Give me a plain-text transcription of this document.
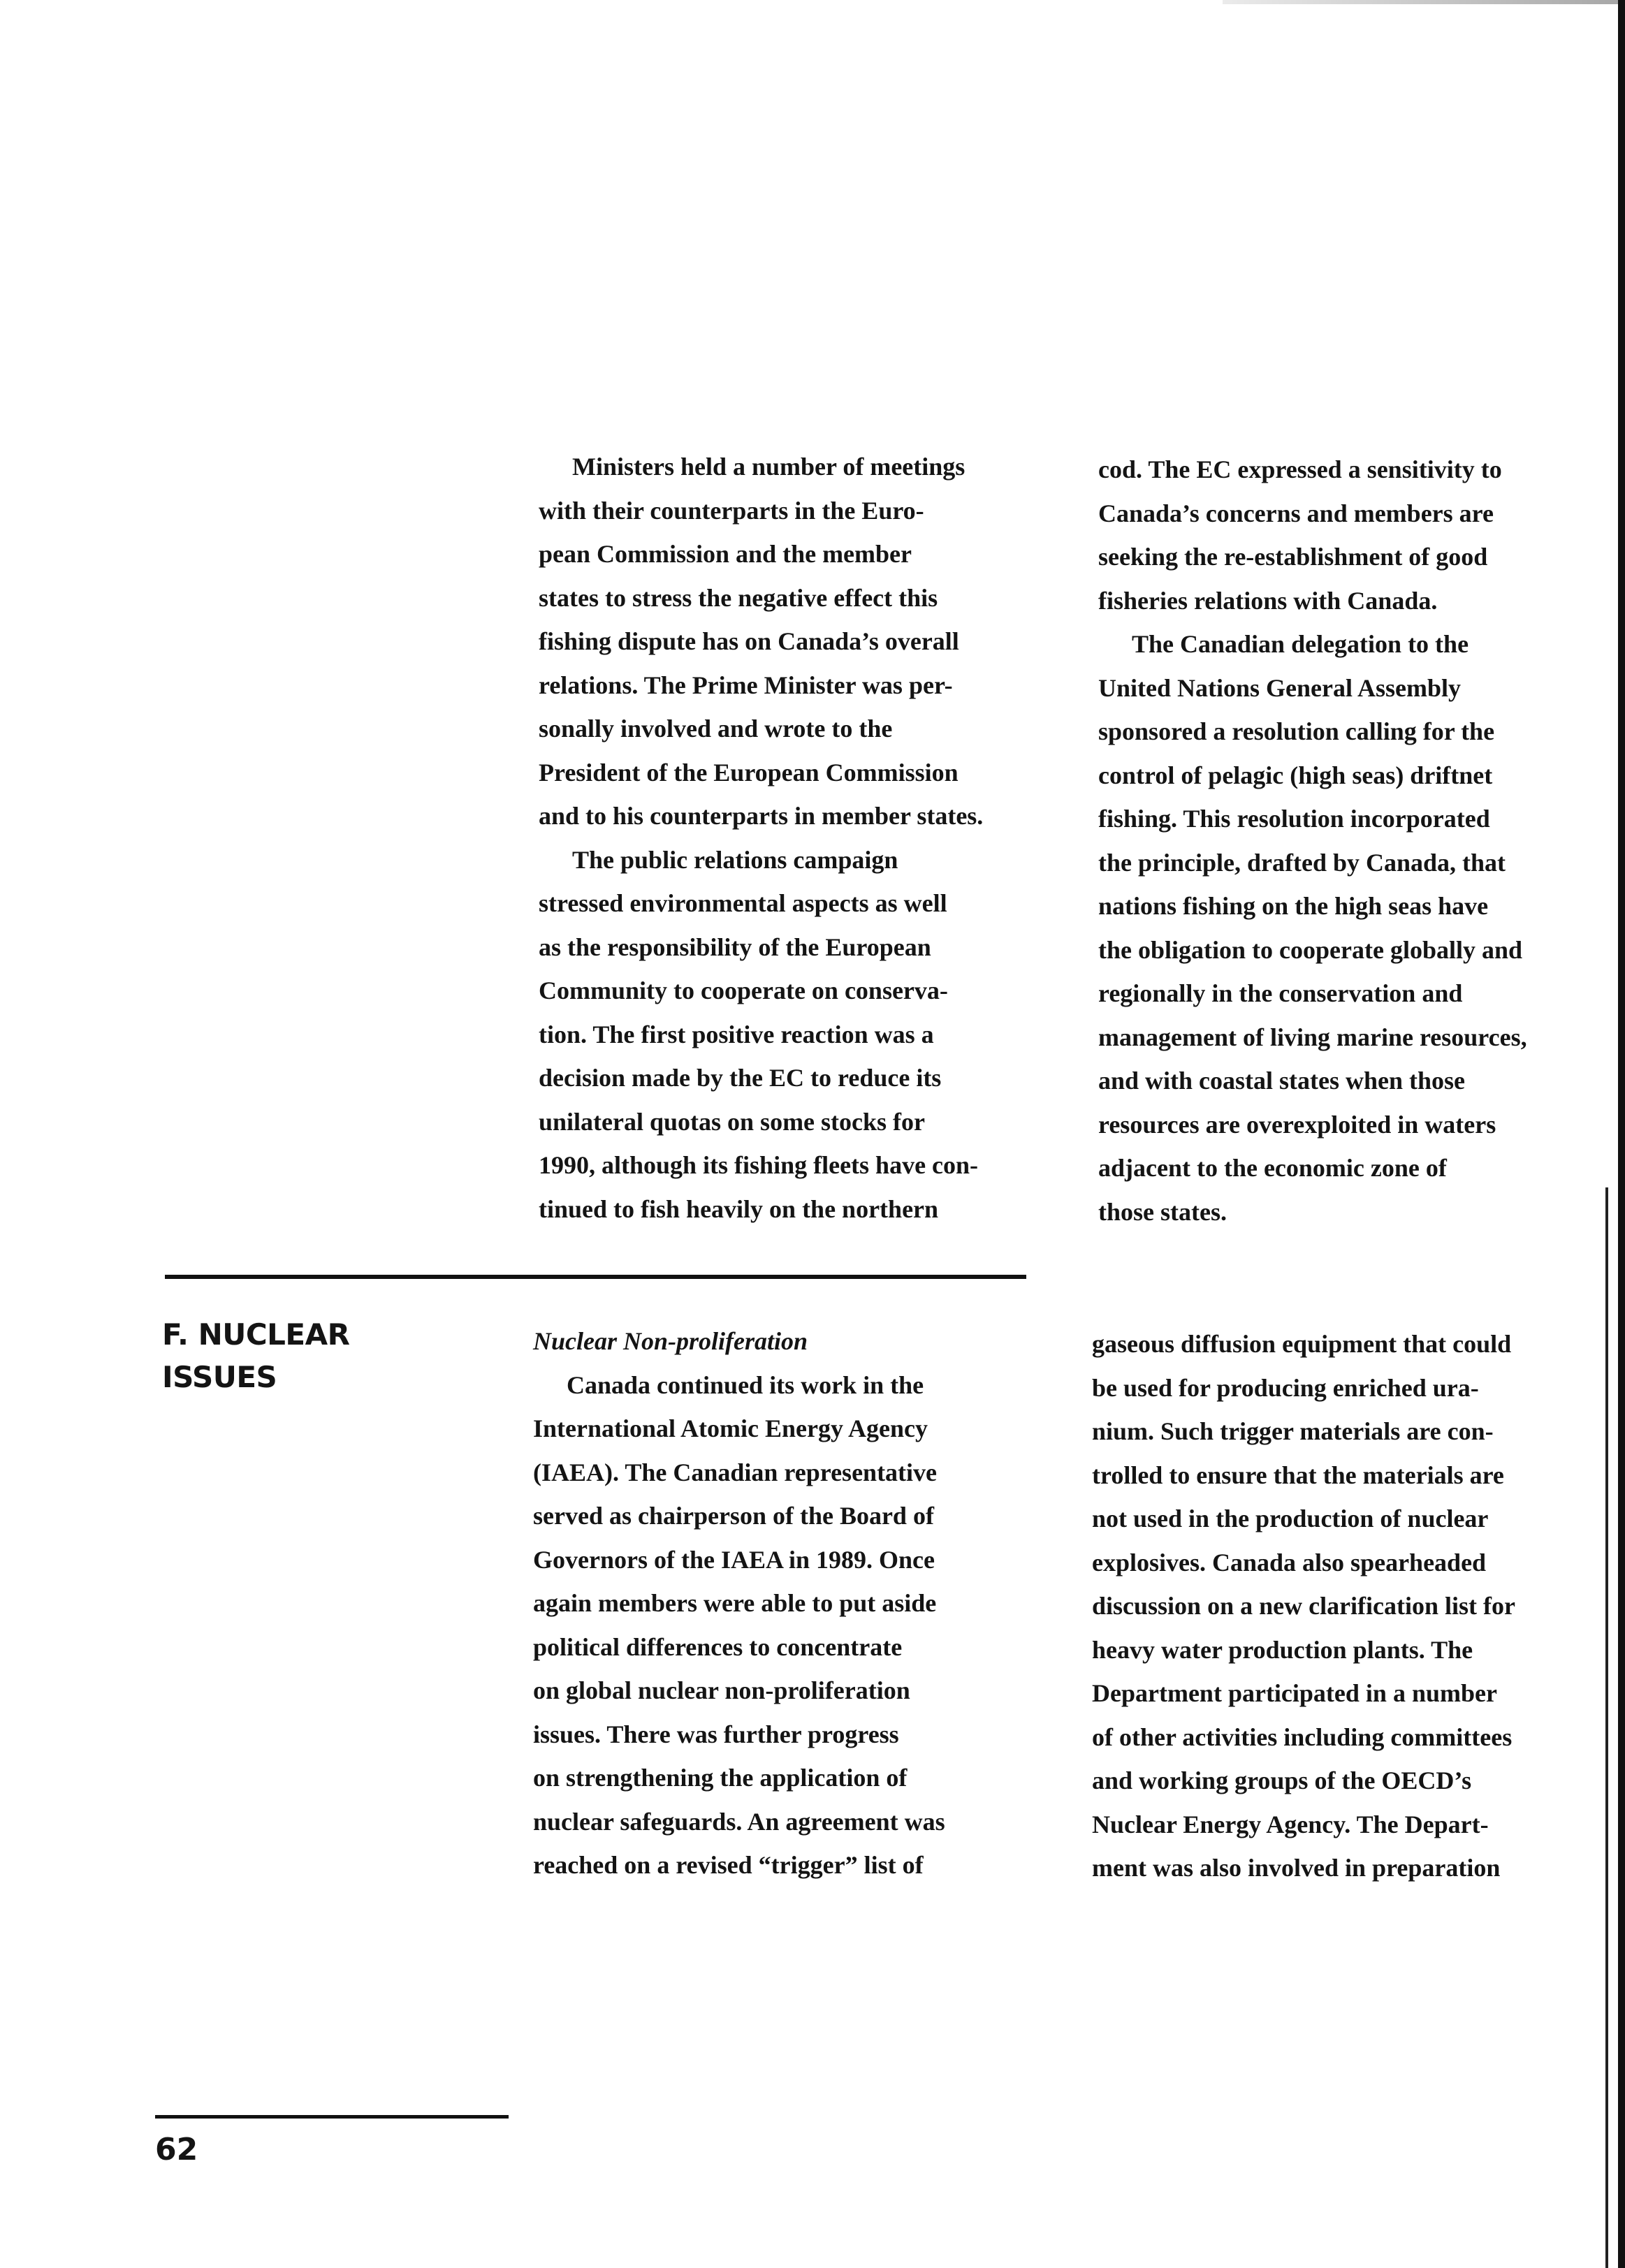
Ministers held a number of meetings
with their counterparts in the Euro-
pean Commission and the member
states to stress the negative effect this
fishing dispute has on Canada’s overall
relations. The Prime Minister was per-
sonally involved and wrote to the
President of the European Commission
and to his counterparts in member states.

The public relations campaign
stressed environmental aspects as well
as the responsibility of the European
Community to cooperate on conserva-
tion. The first positive reaction was a
decision made by the EC to reduce its
unilateral quotas on some stocks for
1990, although its fishing fleets have con-
tinued to fish heavily on the northern

cod. The EC expressed a sensitivity to
Canada’s concerns and members are
seeking the re-establishment of good
fisheries relations with Canada.

The Canadian delegation to the
United Nations General Assembly
sponsored a resolution calling for the
control of pelagic (high seas) driftnet
fishing. This resolution incorporated
the principle, drafted by Canada, that
nations fishing on the high seas have
the obligation to cooperate globally and
regionally in the conservation and
management of living marine resources,
and with coastal states when those
resources are overexploited in waters
adjacent to the economic zone of
those states.

F. NUCLEAR
ISSUES
Nuclear Non-proliferation

Canada continued its work in the
International Atomic Energy Agency
(IAEA). The Canadian representative
served as chairperson of the Board of
Governors of the IAEA in 1989. Once
again members were able to put aside
political differences to concentrate
on global nuclear non-proliferation
issues. There was further progress
on strengthening the application of
nuclear safeguards. An agreement was
reached on a revised “trigger” list of

gaseous diffusion equipment that could
be used for producing enriched ura-
nium. Such trigger materials are con-
trolled to ensure that the materials are
not used in the production of nuclear
explosives. Canada also spearheaded
discussion on a new clarification list for
heavy water production plants. The
Department participated in a number
of other activities including committees
and working groups of the OECD’s
Nuclear Energy Agency. The Depart-
ment was also involved in preparation

62
